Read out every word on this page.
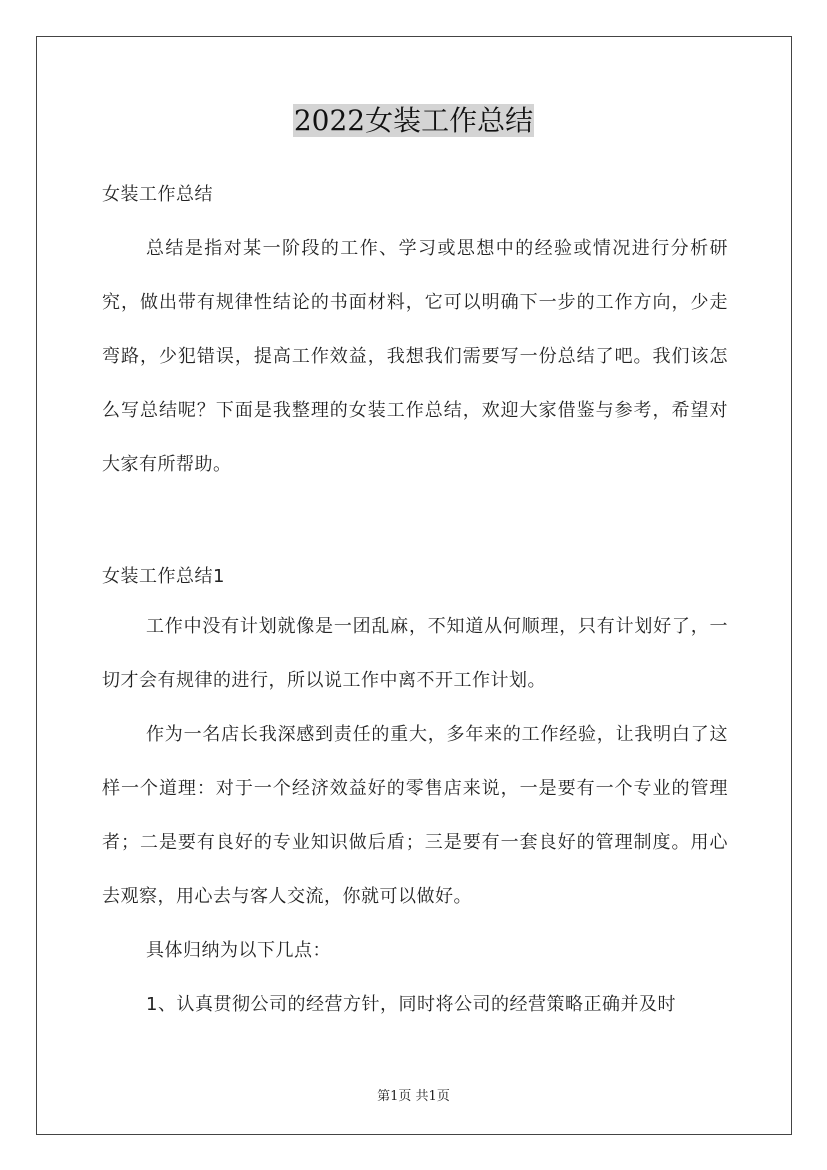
2022女装工作总结
女装工作总结

总结是指对某一阶段的工作、学习或思想中的经验或情况进行分析研究，做出带有规律性结论的书面材料，它可以明确下一步的工作方向，少走弯路，少犯错误，提高工作效益，我想我们需要写一份总结了吧。我们该怎么写总结呢？下面是我整理的女装工作总结，欢迎大家借鉴与参考，希望对大家有所帮助。

女装工作总结1

工作中没有计划就像是一团乱麻，不知道从何顺理，只有计划好了，一切才会有规律的进行，所以说工作中离不开工作计划。

作为一名店长我深感到责任的重大，多年来的工作经验，让我明白了这样一个道理：对于一个经济效益好的零售店来说，一是要有一个专业的管理者；二是要有良好的专业知识做后盾；三是要有一套良好的管理制度。用心去观察，用心去与客人交流，你就可以做好。

具体归纳为以下几点：

1、认真贯彻公司的经营方针，同时将公司的经营策略正确并及时

第1页 共1页
